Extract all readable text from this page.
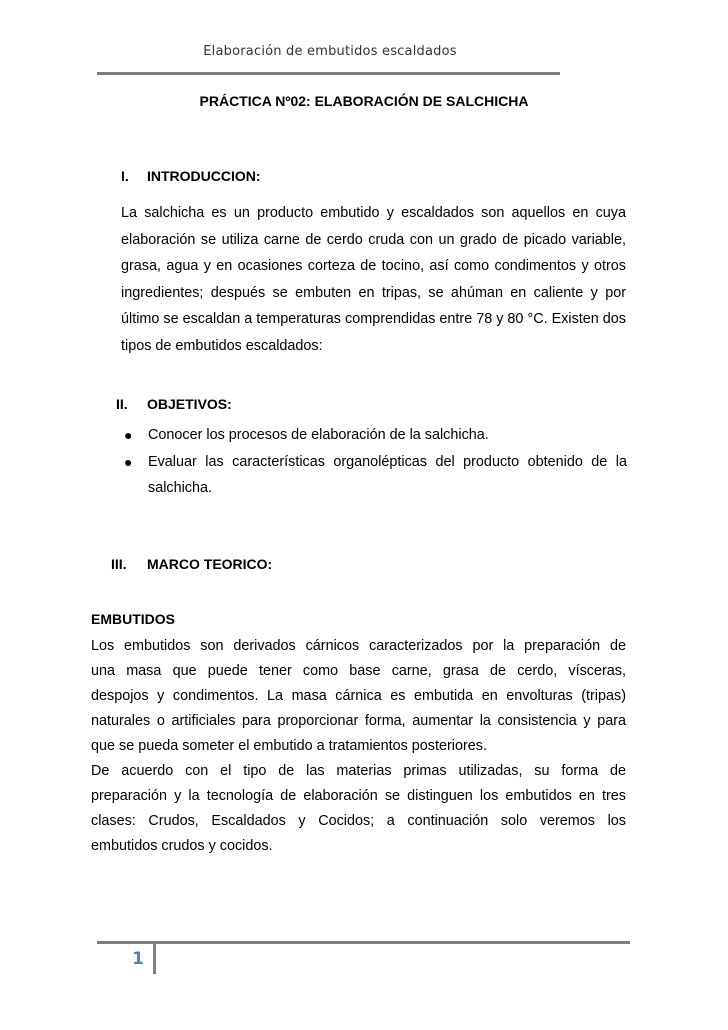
Elaboración de embutidos escaldados
PRÁCTICA Nº02: ELABORACIÓN DE SALCHICHA
I. INTRODUCCION:
La salchicha es un producto embutido y escaldados son aquellos en cuya
elaboración se utiliza carne de cerdo cruda con un grado de picado variable,
grasa, agua y en ocasiones corteza de tocino, así como condimentos y otros
ingredientes; después se embuten en tripas, se ahúman en caliente y por
último se escaldan a temperaturas comprendidas entre 78 y 80 °C. Existen dos
tipos de embutidos escaldados:
II. OBJETIVOS:
● Conocer los procesos de elaboración de la salchicha.
● Evaluar las características organolépticas del producto obtenido de la
salchicha.
III. MARCO TEORICO:
EMBUTIDOS
Los embutidos son derivados cárnicos caracterizados por la preparación de
una masa que puede tener como base carne, grasa de cerdo, vísceras,
despojos y condimentos. La masa cárnica es embutida en envolturas (tripas)
naturales o artificiales para proporcionar forma, aumentar la consistencia y para
que se pueda someter el embutido a tratamientos posteriores.
De acuerdo con el tipo de las materias primas utilizadas, su forma de
preparación y la tecnología de elaboración se distinguen los embutidos en tres
clases: Crudos, Escaldados y Cocidos; a continuación solo veremos los
embutidos crudos y cocidos.
1
